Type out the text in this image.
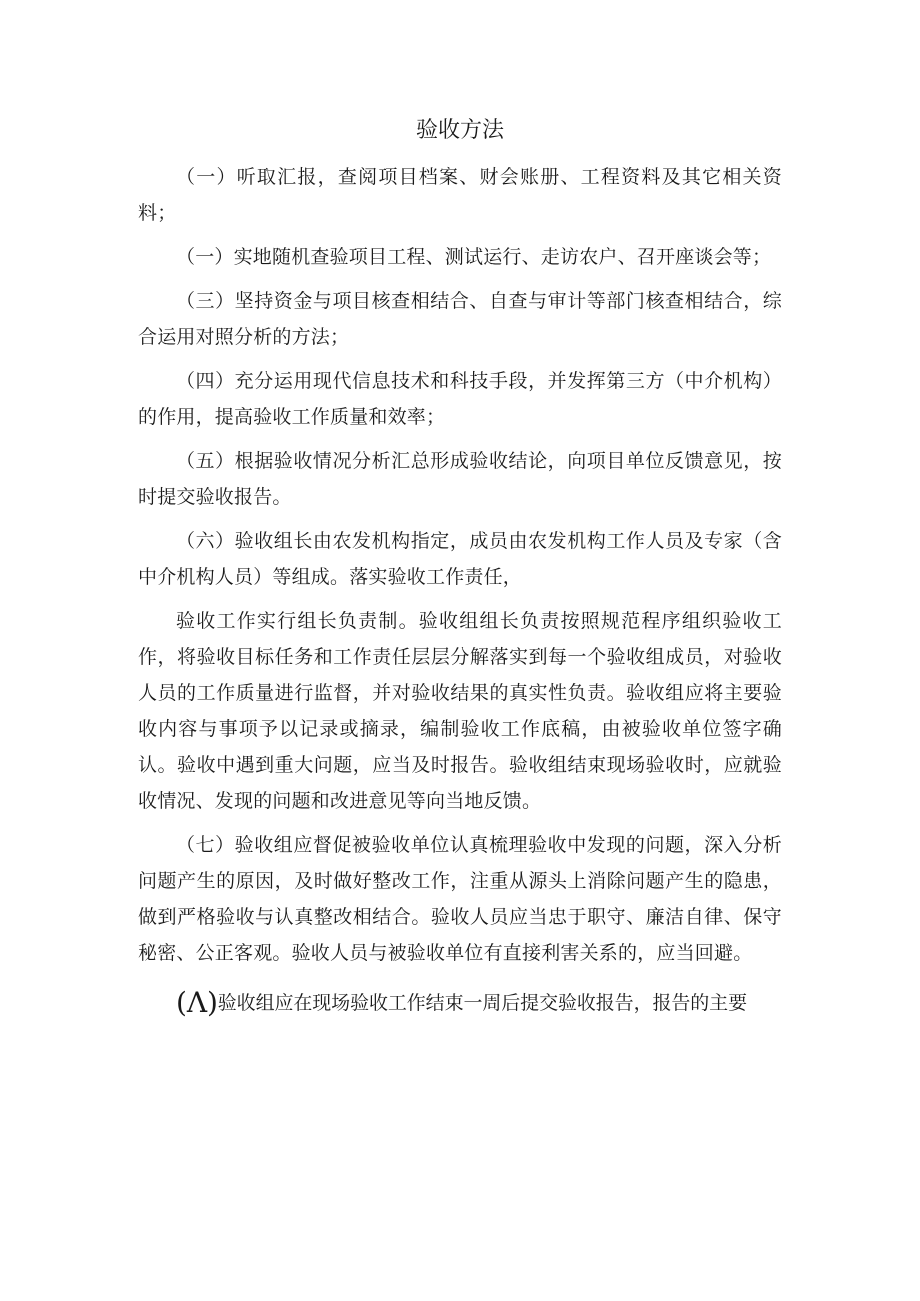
验收方法

（一）听取汇报，查阅项目档案、财会账册、工程资料及其它相关资料；

（一）实地随机查验项目工程、测试运行、走访农户、召开座谈会等；

（三）坚持资金与项目核查相结合、自查与审计等部门核查相结合，综合运用对照分析的方法；

（四）充分运用现代信息技术和科技手段，并发挥第三方（中介机构）的作用，提高验收工作质量和效率；

（五）根据验收情况分析汇总形成验收结论，向项目单位反馈意见，按时提交验收报告。

（六）验收组长由农发机构指定，成员由农发机构工作人员及专家（含中介机构人员）等组成。落实验收工作责任，

验收工作实行组长负责制。验收组组长负责按照规范程序组织验收工作，将验收目标任务和工作责任层层分解落实到每一个验收组成员，对验收人员的工作质量进行监督，并对验收结果的真实性负责。验收组应将主要验收内容与事项予以记录或摘录，编制验收工作底稿，由被验收单位签字确认。验收中遇到重大问题，应当及时报告。验收组结束现场验收时，应就验收情况、发现的问题和改进意见等向当地反馈。

（七）验收组应督促被验收单位认真梳理验收中发现的问题，深入分析问题产生的原因，及时做好整改工作，注重从源头上消除问题产生的隐患，做到严格验收与认真整改相结合。验收人员应当忠于职守、廉洁自律、保守秘密、公正客观。验收人员与被验收单位有直接利害关系的，应当回避。

(Λ)验收组应在现场验收工作结束一周后提交验收报告，报告的主要
